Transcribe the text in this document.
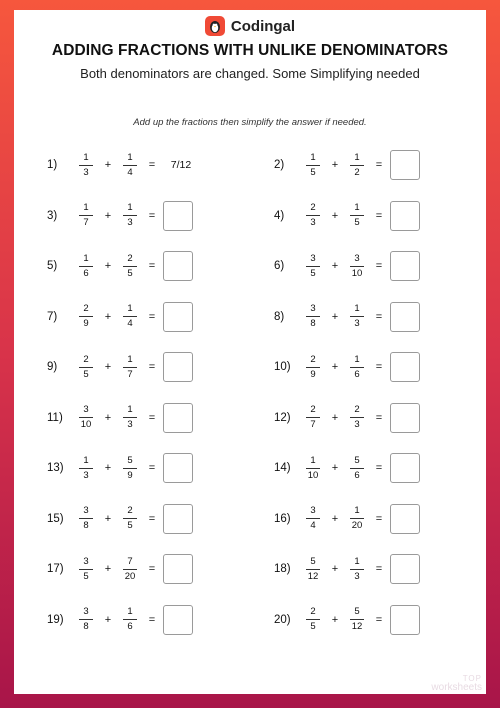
Codingal
ADDING FRACTIONS WITH UNLIKE DENOMINATORS
Both denominators are changed. Some Simplifying needed
Add up the fractions then simplify the answer if needed.
1)	$\frac{1}{3} + \frac{1}{4}$ =	7/12	2)	$\frac{1}{5} + \frac{1}{2}$ =
3)	$\frac{1}{7} + \frac{1}{3}$ =	4)	$\frac{2}{3} + \frac{1}{5}$ =
5)	$\frac{1}{6} + \frac{2}{5}$ =	6)	$\frac{3}{5} + \frac{3}{10}$ =
7)	$\frac{2}{9} + \frac{1}{4}$ =	8)	$\frac{3}{8} + \frac{1}{3}$ =
9)	$\frac{2}{5} + \frac{1}{7}$ =	10)	$\frac{2}{9} + \frac{1}{6}$ =
11)	$\frac{3}{10} + \frac{1}{3}$ =	12)	$\frac{2}{7} + \frac{2}{3}$ =
13)	$\frac{1}{3} + \frac{5}{9}$ =	14)	$\frac{1}{10} + \frac{5}{6}$ =
15)	$\frac{3}{8} + \frac{2}{5}$ =	16)	$\frac{3}{4} + \frac{1}{20}$ =
17)	$\frac{3}{5} + \frac{7}{20}$ =	18)	$\frac{5}{12} + \frac{1}{3}$ =
19)	$\frac{3}{8} + \frac{1}{6}$ =	20)	$\frac{2}{5} + \frac{5}{12}$ =
TOP
worksheets
